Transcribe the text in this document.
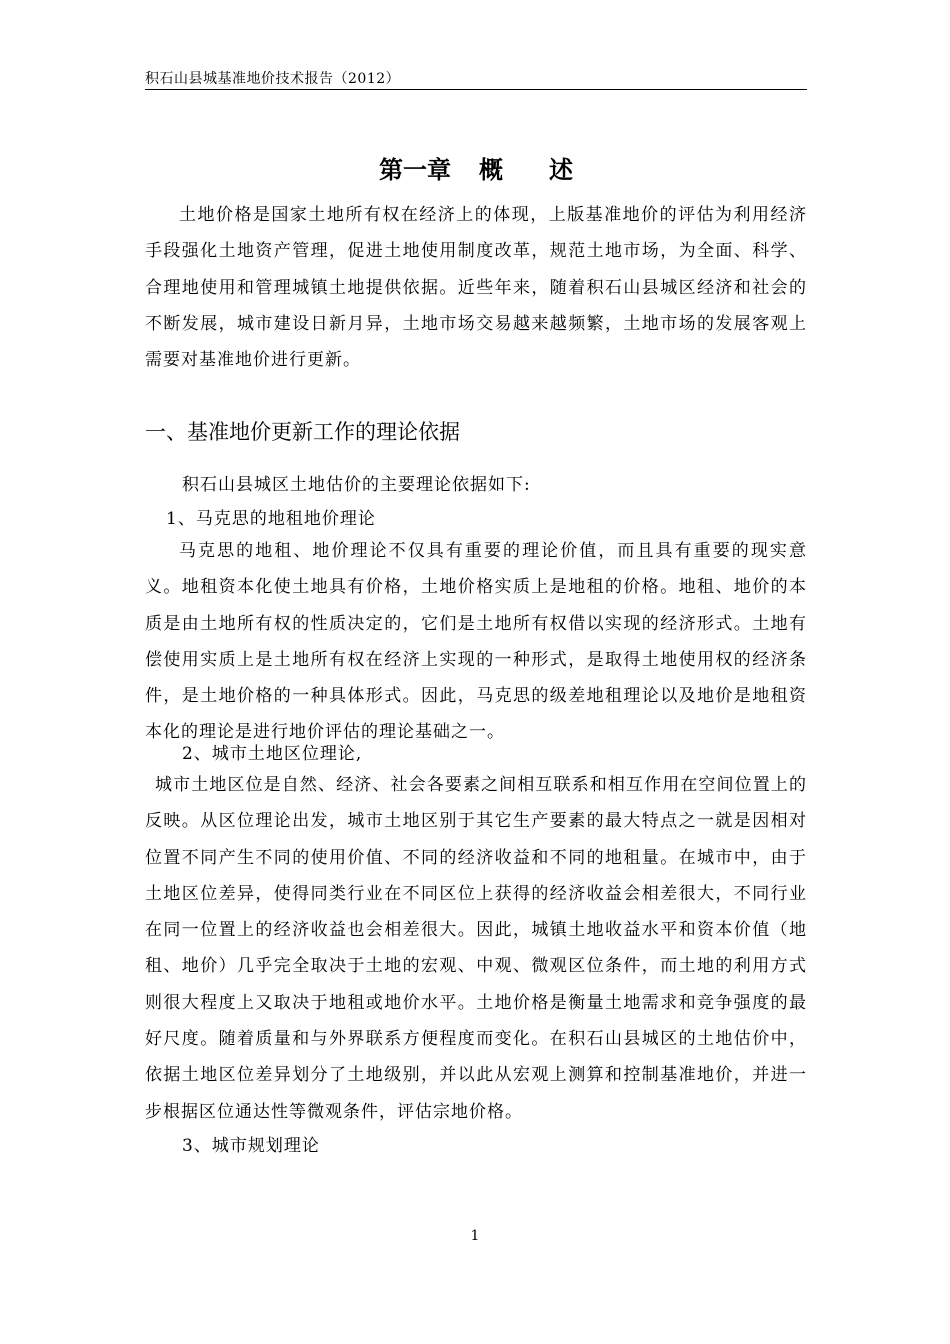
积石山县城基准地价技术报告（2012）
第一章 概 述

土地价格是国家土地所有权在经济上的体现，上版基准地价的评估为利用经济手段强化土地资产管理，促进土地使用制度改革，规范土地市场，为全面、科学、合理地使用和管理城镇土地提供依据。近些年来，随着积石山县城区经济和社会的不断发展，城市建设日新月异，土地市场交易越来越频繁，土地市场的发展客观上需要对基准地价进行更新。

一、基准地价更新工作的理论依据
积石山县城区土地估价的主要理论依据如下:
1、马克思的地租地价理论

马克思的地租、地价理论不仅具有重要的理论价值，而且具有重要的现实意义。地租资本化使土地具有价格，土地价格实质上是地租的价格。地租、地价的本质是由土地所有权的性质决定的，它们是土地所有权借以实现的经济形式。土地有偿使用实质上是土地所有权在经济上实现的一种形式，是取得土地使用权的经济条件，是土地价格的一种具体形式。因此，马克思的级差地租理论以及地价是地租资本化的理论是进行地价评估的理论基础之一。

2、城市土地区位理论,

城市土地区位是自然、经济、社会各要素之间相互联系和相互作用在空间位置上的反映。从区位理论出发，城市土地区别于其它生产要素的最大特点之一就是因相对位置不同产生不同的使用价值、不同的经济收益和不同的地租量。在城市中，由于土地区位差异，使得同类行业在不同区位上获得的经济收益会相差很大，不同行业在同一位置上的经济收益也会相差很大。因此，城镇土地收益水平和资本价值（地租、地价）几乎完全取决于土地的宏观、中观、微观区位条件，而土地的利用方式则很大程度上又取决于地租或地价水平。土地价格是衡量土地需求和竞争强度的最好尺度。随着质量和与外界联系方便程度而变化。在积石山县城区的土地估价中，依据土地区位差异划分了土地级别，并以此从宏观上测算和控制基准地价，并进一步根据区位通达性等微观条件，评估宗地价格。

3、城市规划理论
1
